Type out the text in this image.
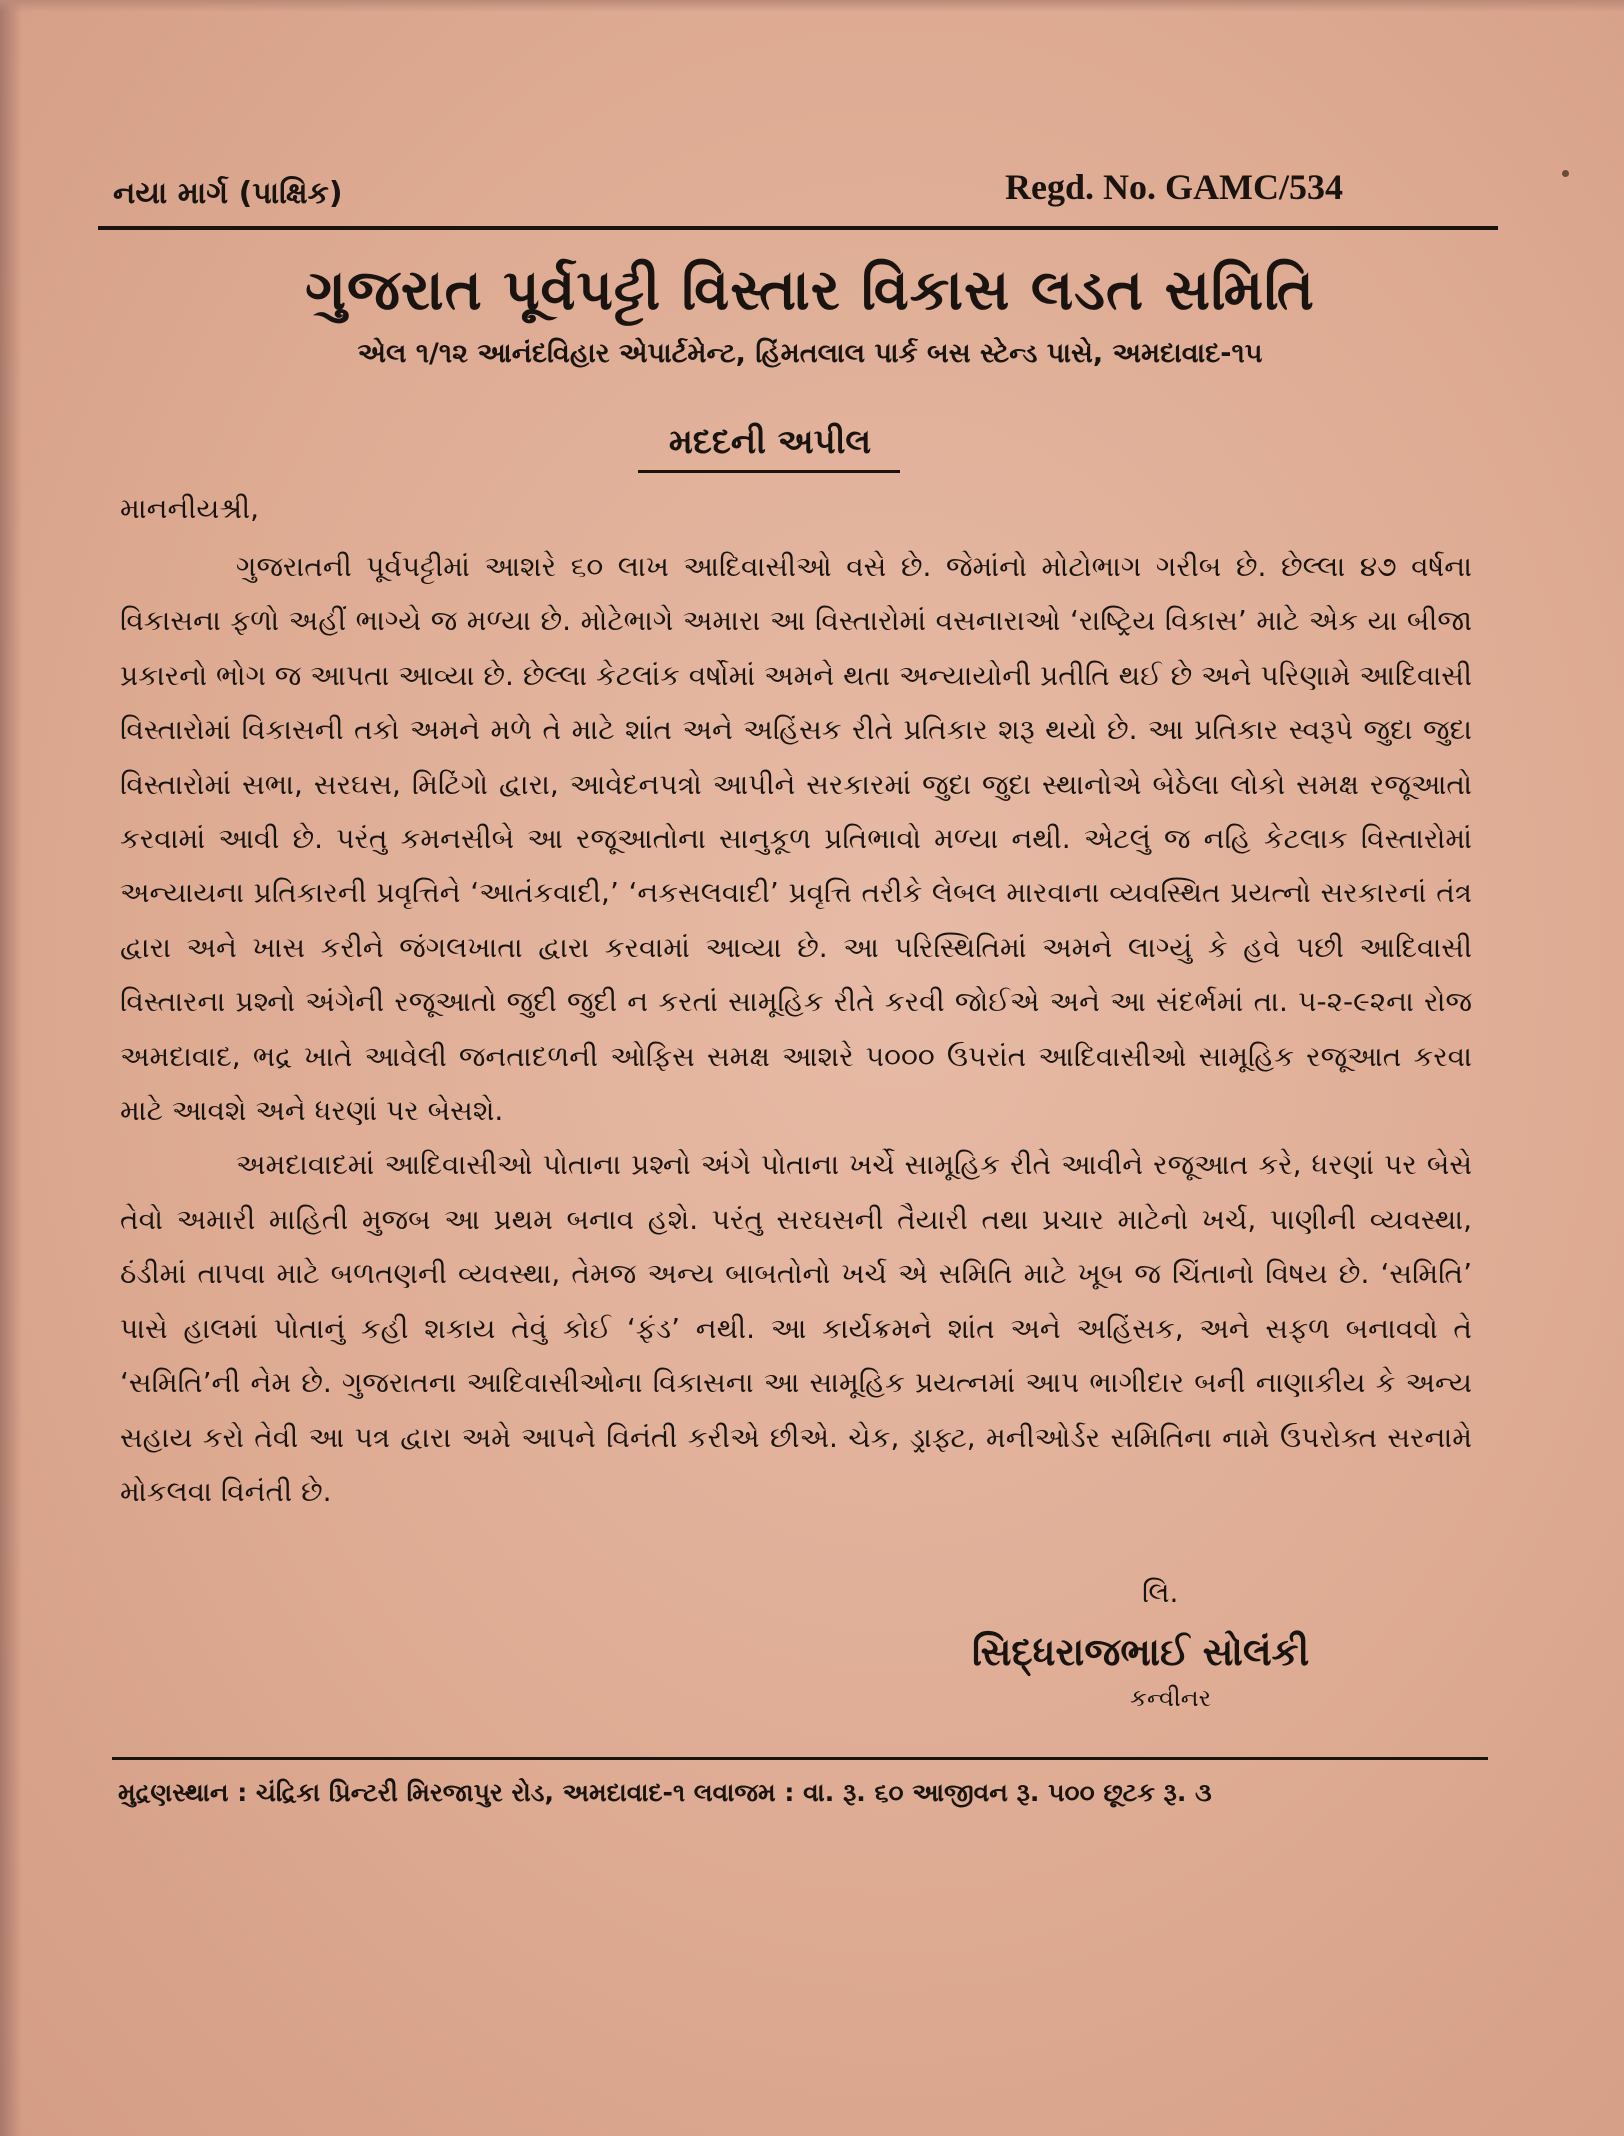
નયા માર્ગ (પાક્ષિક)	Regd. No. GAMC/534
ગુજરાત પૂર્વપટ્ટી વિસ્તાર વિકાસ લડત સમિતિ
એલ ૧/૧૨ આનંદવિહાર એપાર્ટમેન્ટ, હિંમતલાલ પાર્ક બસ સ્ટેન્ડ પાસે, અમદાવાદ-૧૫
મદદની અપીલ
માનનીયશ્રી,

ગુજરાતની પૂર્વપટ્ટીમાં આશરે ૬૦ લાખ આદિવાસીઓ વસે છે. જેમાંનો મોટોભાગ ગરીબ છે. છેલ્લા ૪૭ વર્ષના વિકાસના ફળો અહીં ભાગ્યે જ મળ્યા છે. મોટેભાગે અમારા આ વિસ્તારોમાં વસનારાઓ ‘રાષ્ટ્રિય વિકાસ’ માટે એક યા બીજા પ્રકારનો ભોગ જ આપતા આવ્યા છે. છેલ્લા કેટલાંક વર્ષોમાં અમને થતા અન્યાયોની પ્રતીતિ થઈ છે અને પરિણામે આદિવાસી વિસ્તારોમાં વિકાસની તકો અમને મળે તે માટે શાંત અને અહિંસક રીતે પ્રતિકાર શરૂ થયો છે. આ પ્રતિકાર સ્વરૂપે જુદા જુદા વિસ્તારોમાં સભા, સરઘસ, મિટિંગો દ્વારા, આવેદનપત્રો આપીને સરકારમાં જુદા જુદા સ્થાનોએ બેઠેલા લોકો સમક્ષ રજૂઆતો કરવામાં આવી છે. પરંતુ કમનસીબે આ રજૂઆતોના સાનુકૂળ પ્રતિભાવો મળ્યા નથી. એટલું જ નહિ કેટલાક વિસ્તારોમાં અન્યાયના પ્રતિકારની પ્રવૃત્તિને ‘આતંકવાદી,’ ‘નકસલવાદી’ પ્રવૃત્તિ તરીકે લેબલ મારવાના વ્યવસ્થિત પ્રયત્નો સરકારનાં તંત્ર દ્વારા અને ખાસ કરીને જંગલખાતા દ્વારા કરવામાં આવ્યા છે. આ પરિસ્થિતિમાં અમને લાગ્યું કે હવે પછી આદિવાસી વિસ્તારના પ્રશ્નો અંગેની રજૂઆતો જુદી જુદી ન કરતાં સામૂહિક રીતે કરવી જોઈએ અને આ સંદર્ભમાં તા. ૫-૨-૯૨ના રોજ અમદાવાદ, ભદ્ર ખાતે આવેલી જનતાદળની ઓફિસ સમક્ષ આશરે ૫૦૦૦ ઉપરાંત આદિવાસીઓ સામૂહિક રજૂઆત કરવા માટે આવશે અને ધરણાં પર બેસશે.

અમદાવાદમાં આદિવાસીઓ પોતાના પ્રશ્નો અંગે પોતાના ખર્ચે સામૂહિક રીતે આવીને રજૂઆત કરે, ધરણાં પર બેસે તેવો અમારી માહિતી મુજબ આ પ્રથમ બનાવ હશે. પરંતુ સરઘસની તૈયારી તથા પ્રચાર માટેનો ખર્ચ, પાણીની વ્યવસ્થા, ઠંડીમાં તાપવા માટે બળતણની વ્યવસ્થા, તેમજ અન્ય બાબતોનો ખર્ચ એ સમિતિ માટે ખૂબ જ ચિંતાનો વિષય છે. ‘સમિતિ’ પાસે હાલમાં પોતાનું કહી શકાય તેવું કોઈ ‘ફંડ’ નથી. આ કાર્યક્રમને શાંત અને અહિંસક, અને સફળ બનાવવો તે ‘સમિતિ’ની નેમ છે. ગુજરાતના આદિવાસીઓના વિકાસના આ સામૂહિક પ્રયત્નમાં આપ ભાગીદાર બની નાણાકીય કે અન્ય સહાય કરો તેવી આ પત્ર દ્વારા અમે આપને વિનંતી કરીએ છીએ. ચેક, ડ્રાફ્ટ, મનીઓર્ડર સમિતિના નામે ઉપરોક્ત સરનામે મોકલવા વિનંતી છે.

લિ.
સિદ્ધરાજભાઈ સોલંકી
કન્વીનર
મુદ્રણસ્થાન : ચંદ્રિકા પ્રિન્ટરી મિરજાપુર રોડ, અમદાવાદ-૧ લવાજમ : વા. રૂ. ૬૦ આજીવન રૂ. ૫૦૦ છૂટક રૂ. ૩
